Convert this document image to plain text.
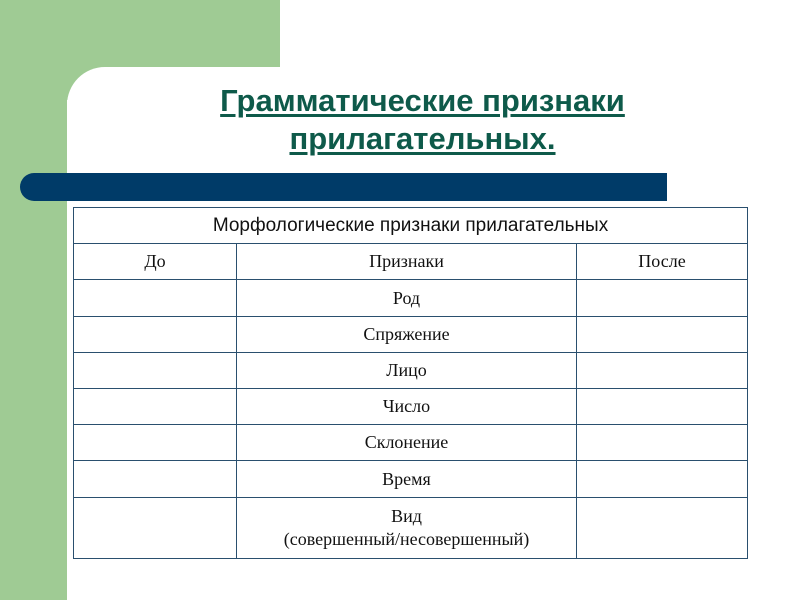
Грамматические признаки
прилагательных.
Морфологические признаки прилагательных		
До	Признаки	После
	Род	
	Спряжение	
	Лицо	
	Число	
	Склонение	
	Время	
	Вид
(совершенный/несовершенный)	
